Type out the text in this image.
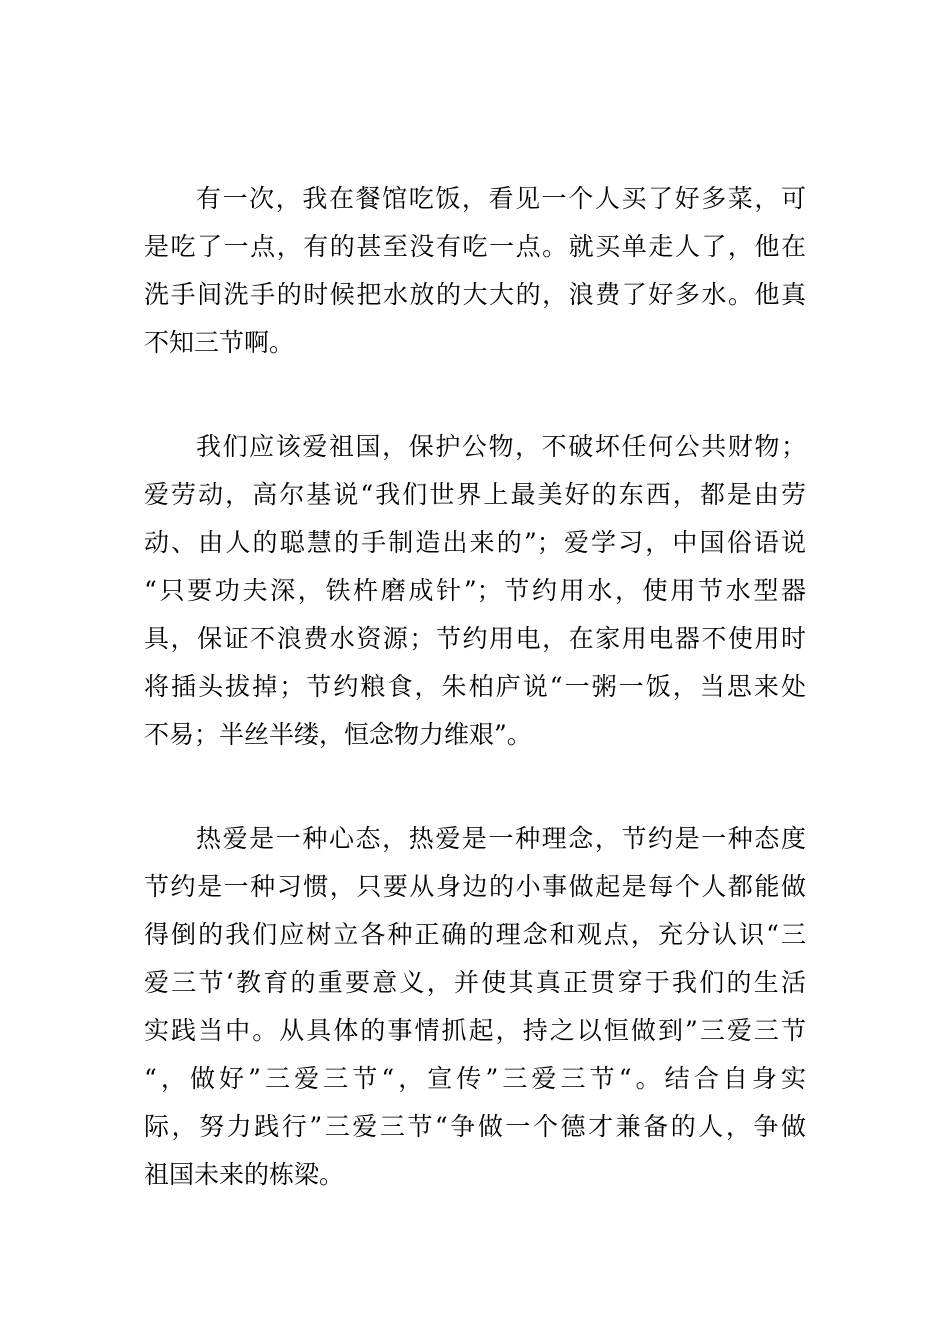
有一次，我在餐馆吃饭，看见一个人买了好多菜，可
是吃了一点，有的甚至没有吃一点。就买单走人了，他在
洗手间洗手的时候把水放的大大的，浪费了好多水。他真
不知三节啊。
我们应该爱祖国，保护公物，不破坏任何公共财物；
爱劳动，高尔基说“我们世界上最美好的东西，都是由劳
动、由人的聪慧的手制造出来的”；爱学习，中国俗语说
“只要功夫深，铁杵磨成针”；节约用水，使用节水型器
具，保证不浪费水资源；节约用电，在家用电器不使用时
将插头拔掉；节约粮食，朱柏庐说“一粥一饭，当思来处
不易；半丝半缕，恒念物力维艰”。
热爱是一种心态，热爱是一种理念，节约是一种态度
节约是一种习惯，只要从身边的小事做起是每个人都能做
得倒的我们应树立各种正确的理念和观点，充分认识“三
爱三节‘教育的重要意义，并使其真正贯穿于我们的生活
实践当中。从具体的事情抓起，持之以恒做到”三爱三节
“，做好”三爱三节“，宣传”三爱三节“。结合自身实
际，努力践行”三爱三节“争做一个德才兼备的人，争做
祖国未来的栋梁。
